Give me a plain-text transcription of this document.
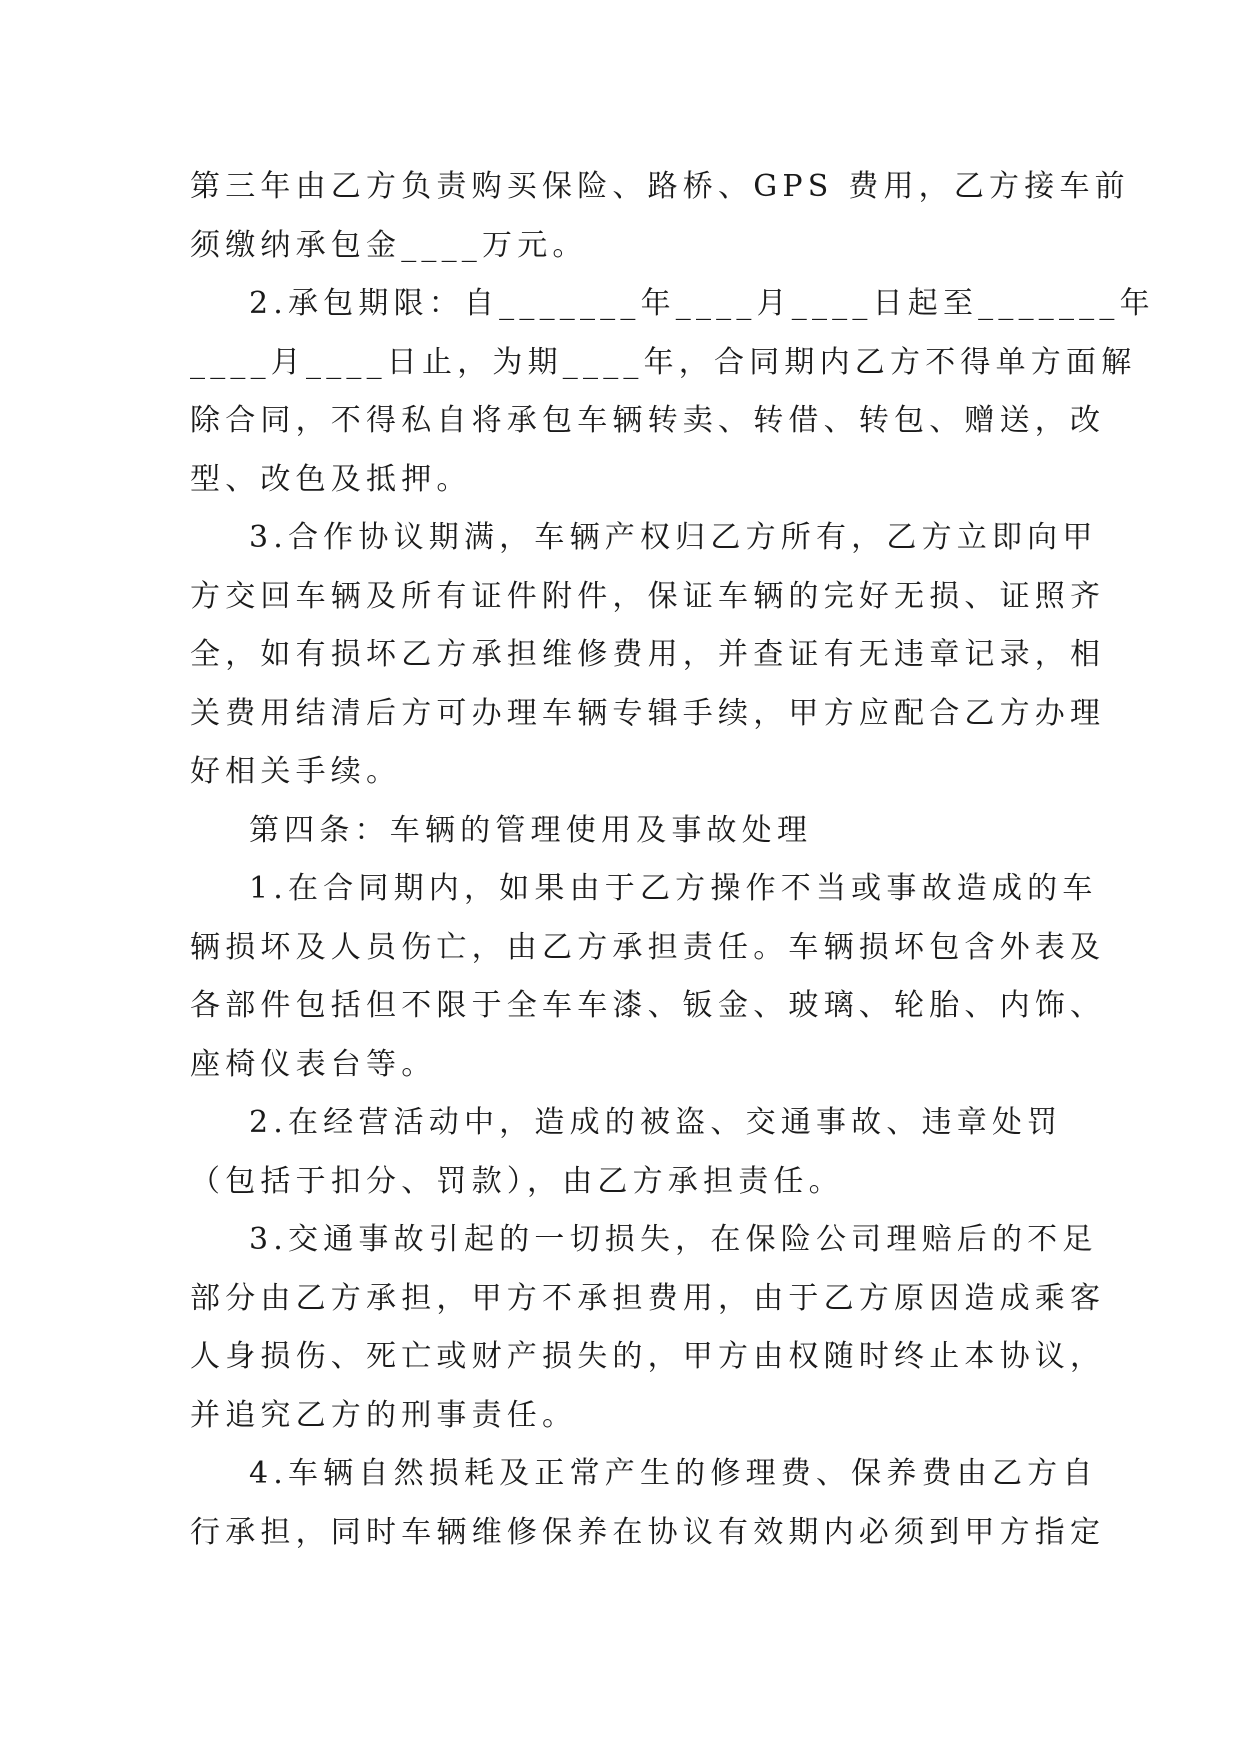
第三年由乙方负责购买保险、路桥、GPS 费用，乙方接车前
须缴纳承包金____万元。
2.承包期限：自_______年____月____日起至_______年
____月____日止，为期____年，合同期内乙方不得单方面解
除合同，不得私自将承包车辆转卖、转借、转包、赠送，改
型、改色及抵押。
3.合作协议期满，车辆产权归乙方所有，乙方立即向甲
方交回车辆及所有证件附件，保证车辆的完好无损、证照齐
全，如有损坏乙方承担维修费用，并查证有无违章记录，相
关费用结清后方可办理车辆专辑手续，甲方应配合乙方办理
好相关手续。
第四条：车辆的管理使用及事故处理
1.在合同期内，如果由于乙方操作不当或事故造成的车
辆损坏及人员伤亡，由乙方承担责任。车辆损坏包含外表及
各部件包括但不限于全车车漆、钣金、玻璃、轮胎、内饰、
座椅仪表台等。
2.在经营活动中，造成的被盗、交通事故、违章处罚
（包括于扣分、罚款），由乙方承担责任。
3.交通事故引起的一切损失，在保险公司理赔后的不足
部分由乙方承担，甲方不承担费用，由于乙方原因造成乘客
人身损伤、死亡或财产损失的，甲方由权随时终止本协议，
并追究乙方的刑事责任。
4.车辆自然损耗及正常产生的修理费、保养费由乙方自
行承担，同时车辆维修保养在协议有效期内必须到甲方指定
